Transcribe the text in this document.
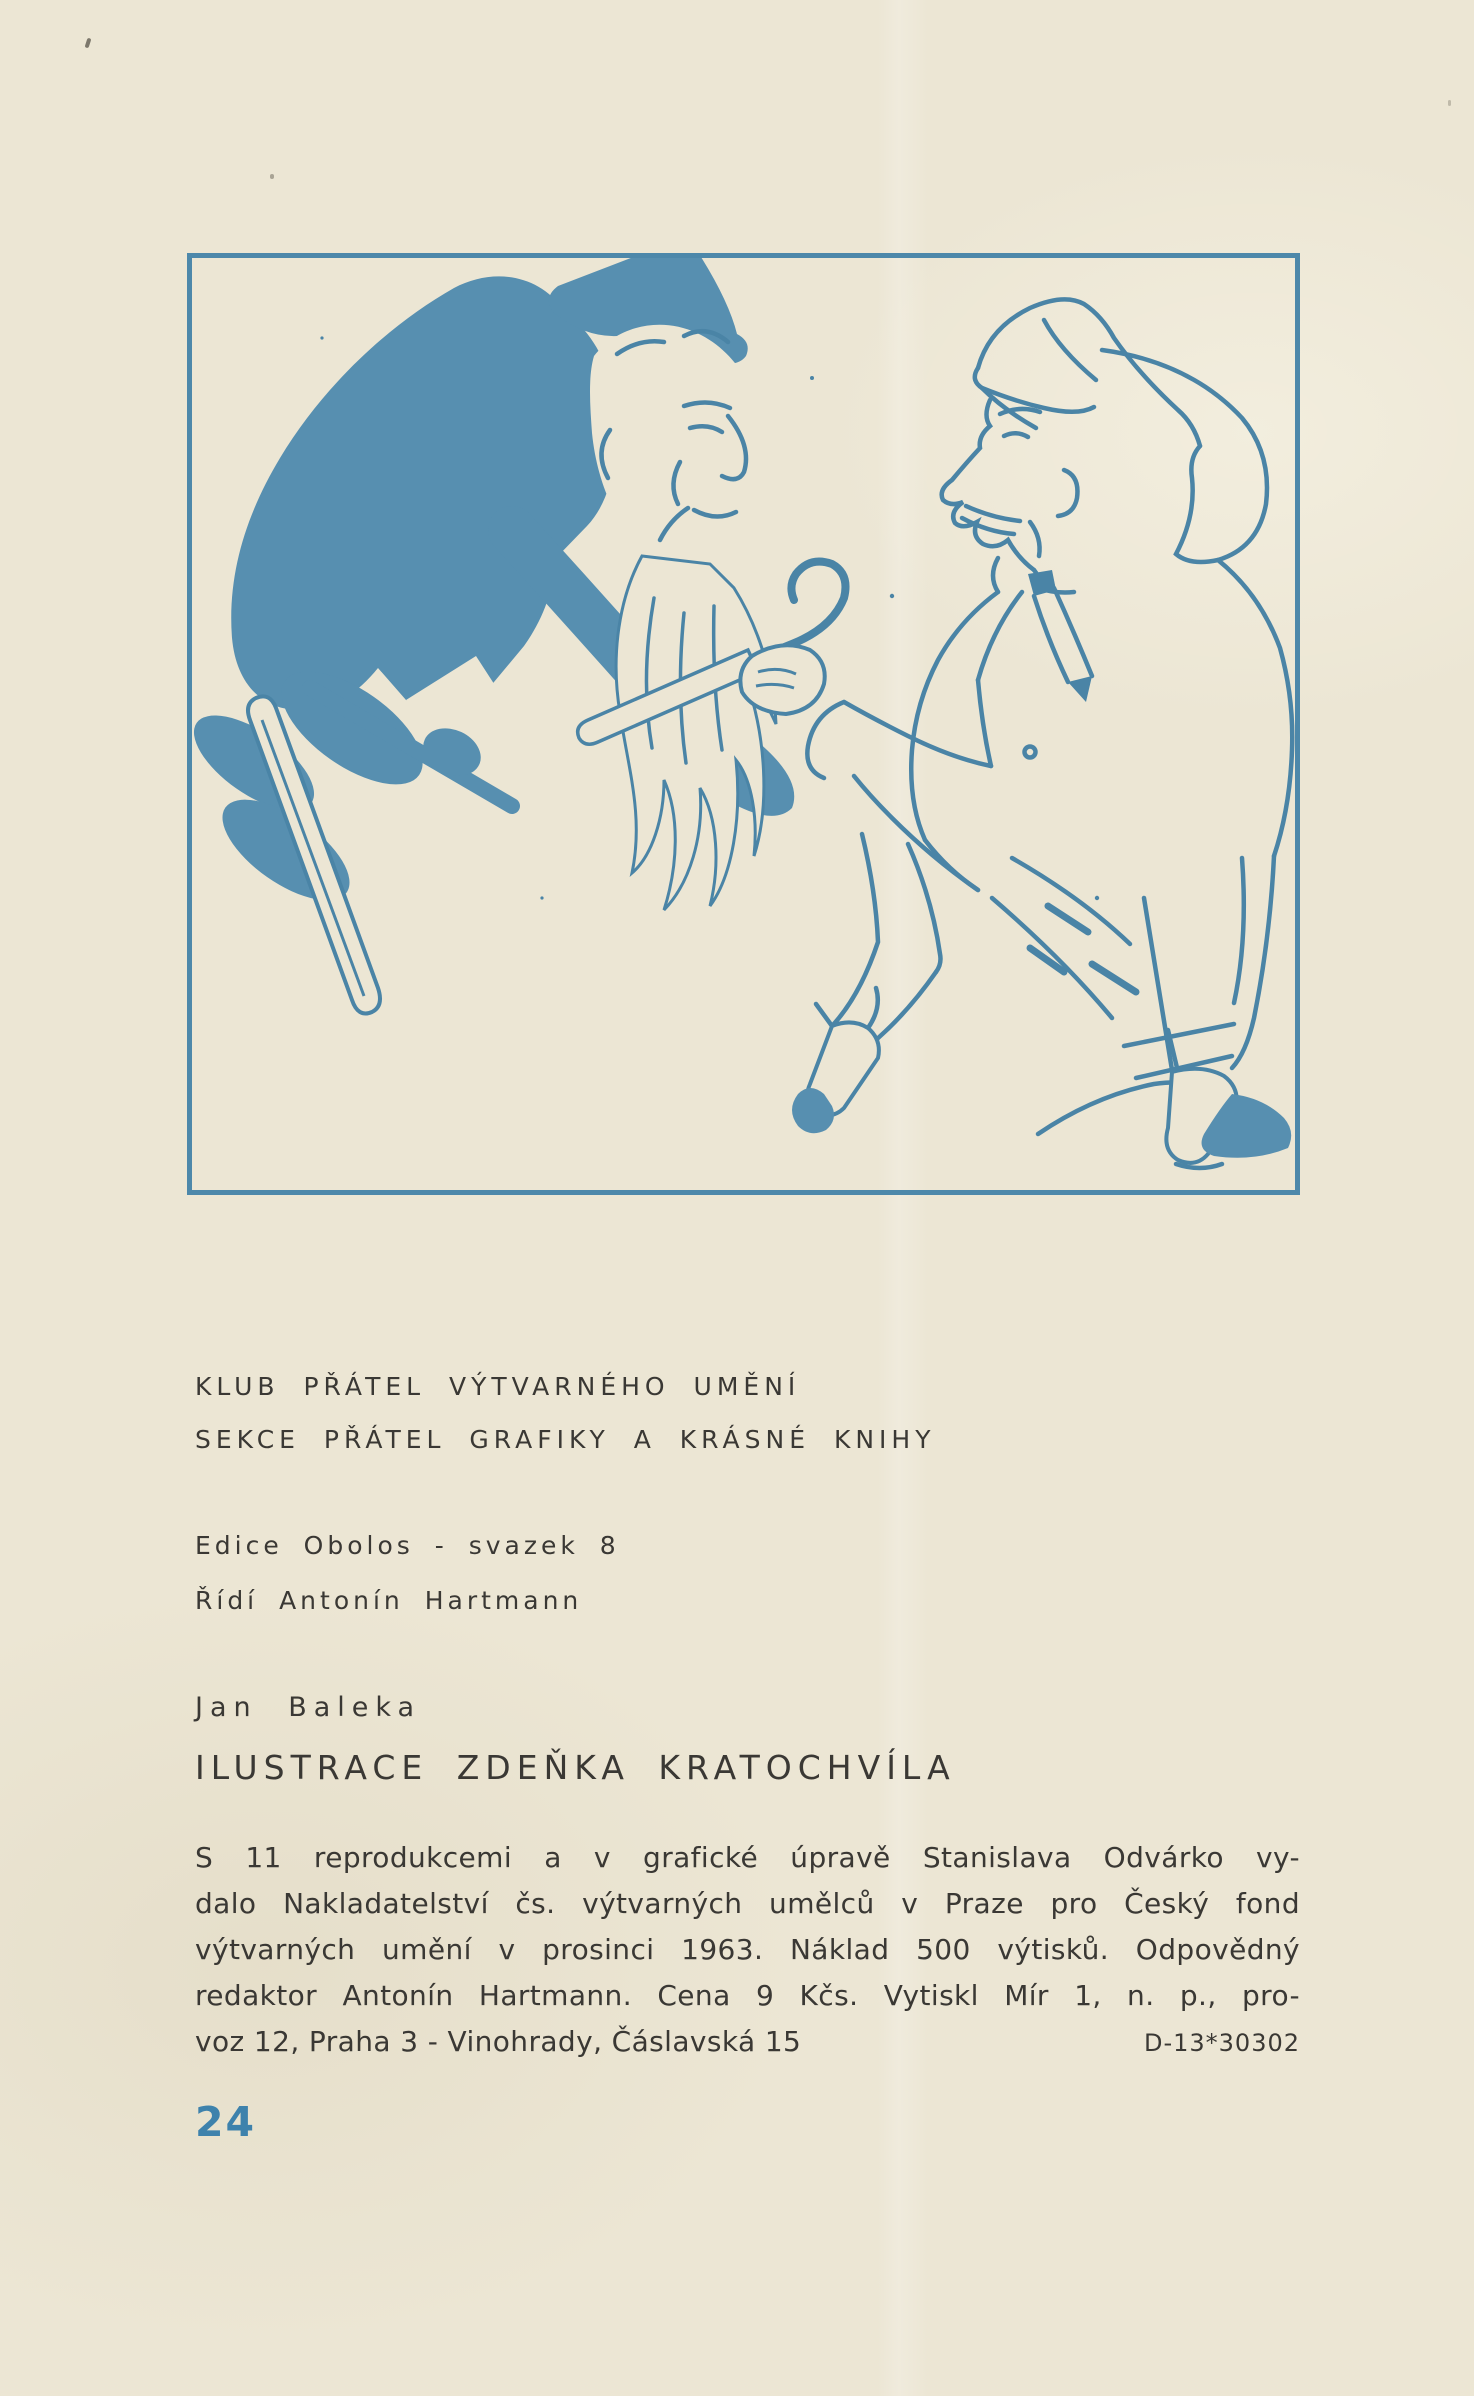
KLUB PŘÁTEL VÝTVARNÉHO UMĚNÍ
SEKCE PŘÁTEL GRAFIKY A KRÁSNÉ KNIHY
Edice Obolos - svazek 8
Řídí Antonín Hartmann
Jan Baleka
ILUSTRACE ZDEŇKA KRATOCHVÍLA
S 11 reprodukcemi a v grafické úpravě Stanislava Odvárko vy-
dalo Nakladatelství čs. výtvarných umělců v Praze pro Český fond
výtvarných umění v prosinci 1963. Náklad 500 výtisků. Odpovědný
redaktor Antonín Hartmann. Cena 9 Kčs. Vytiskl Mír 1, n. p., pro-
voz 12, Praha 3 - Vinohrady, Čáslavská 15	D-13*30302
24
